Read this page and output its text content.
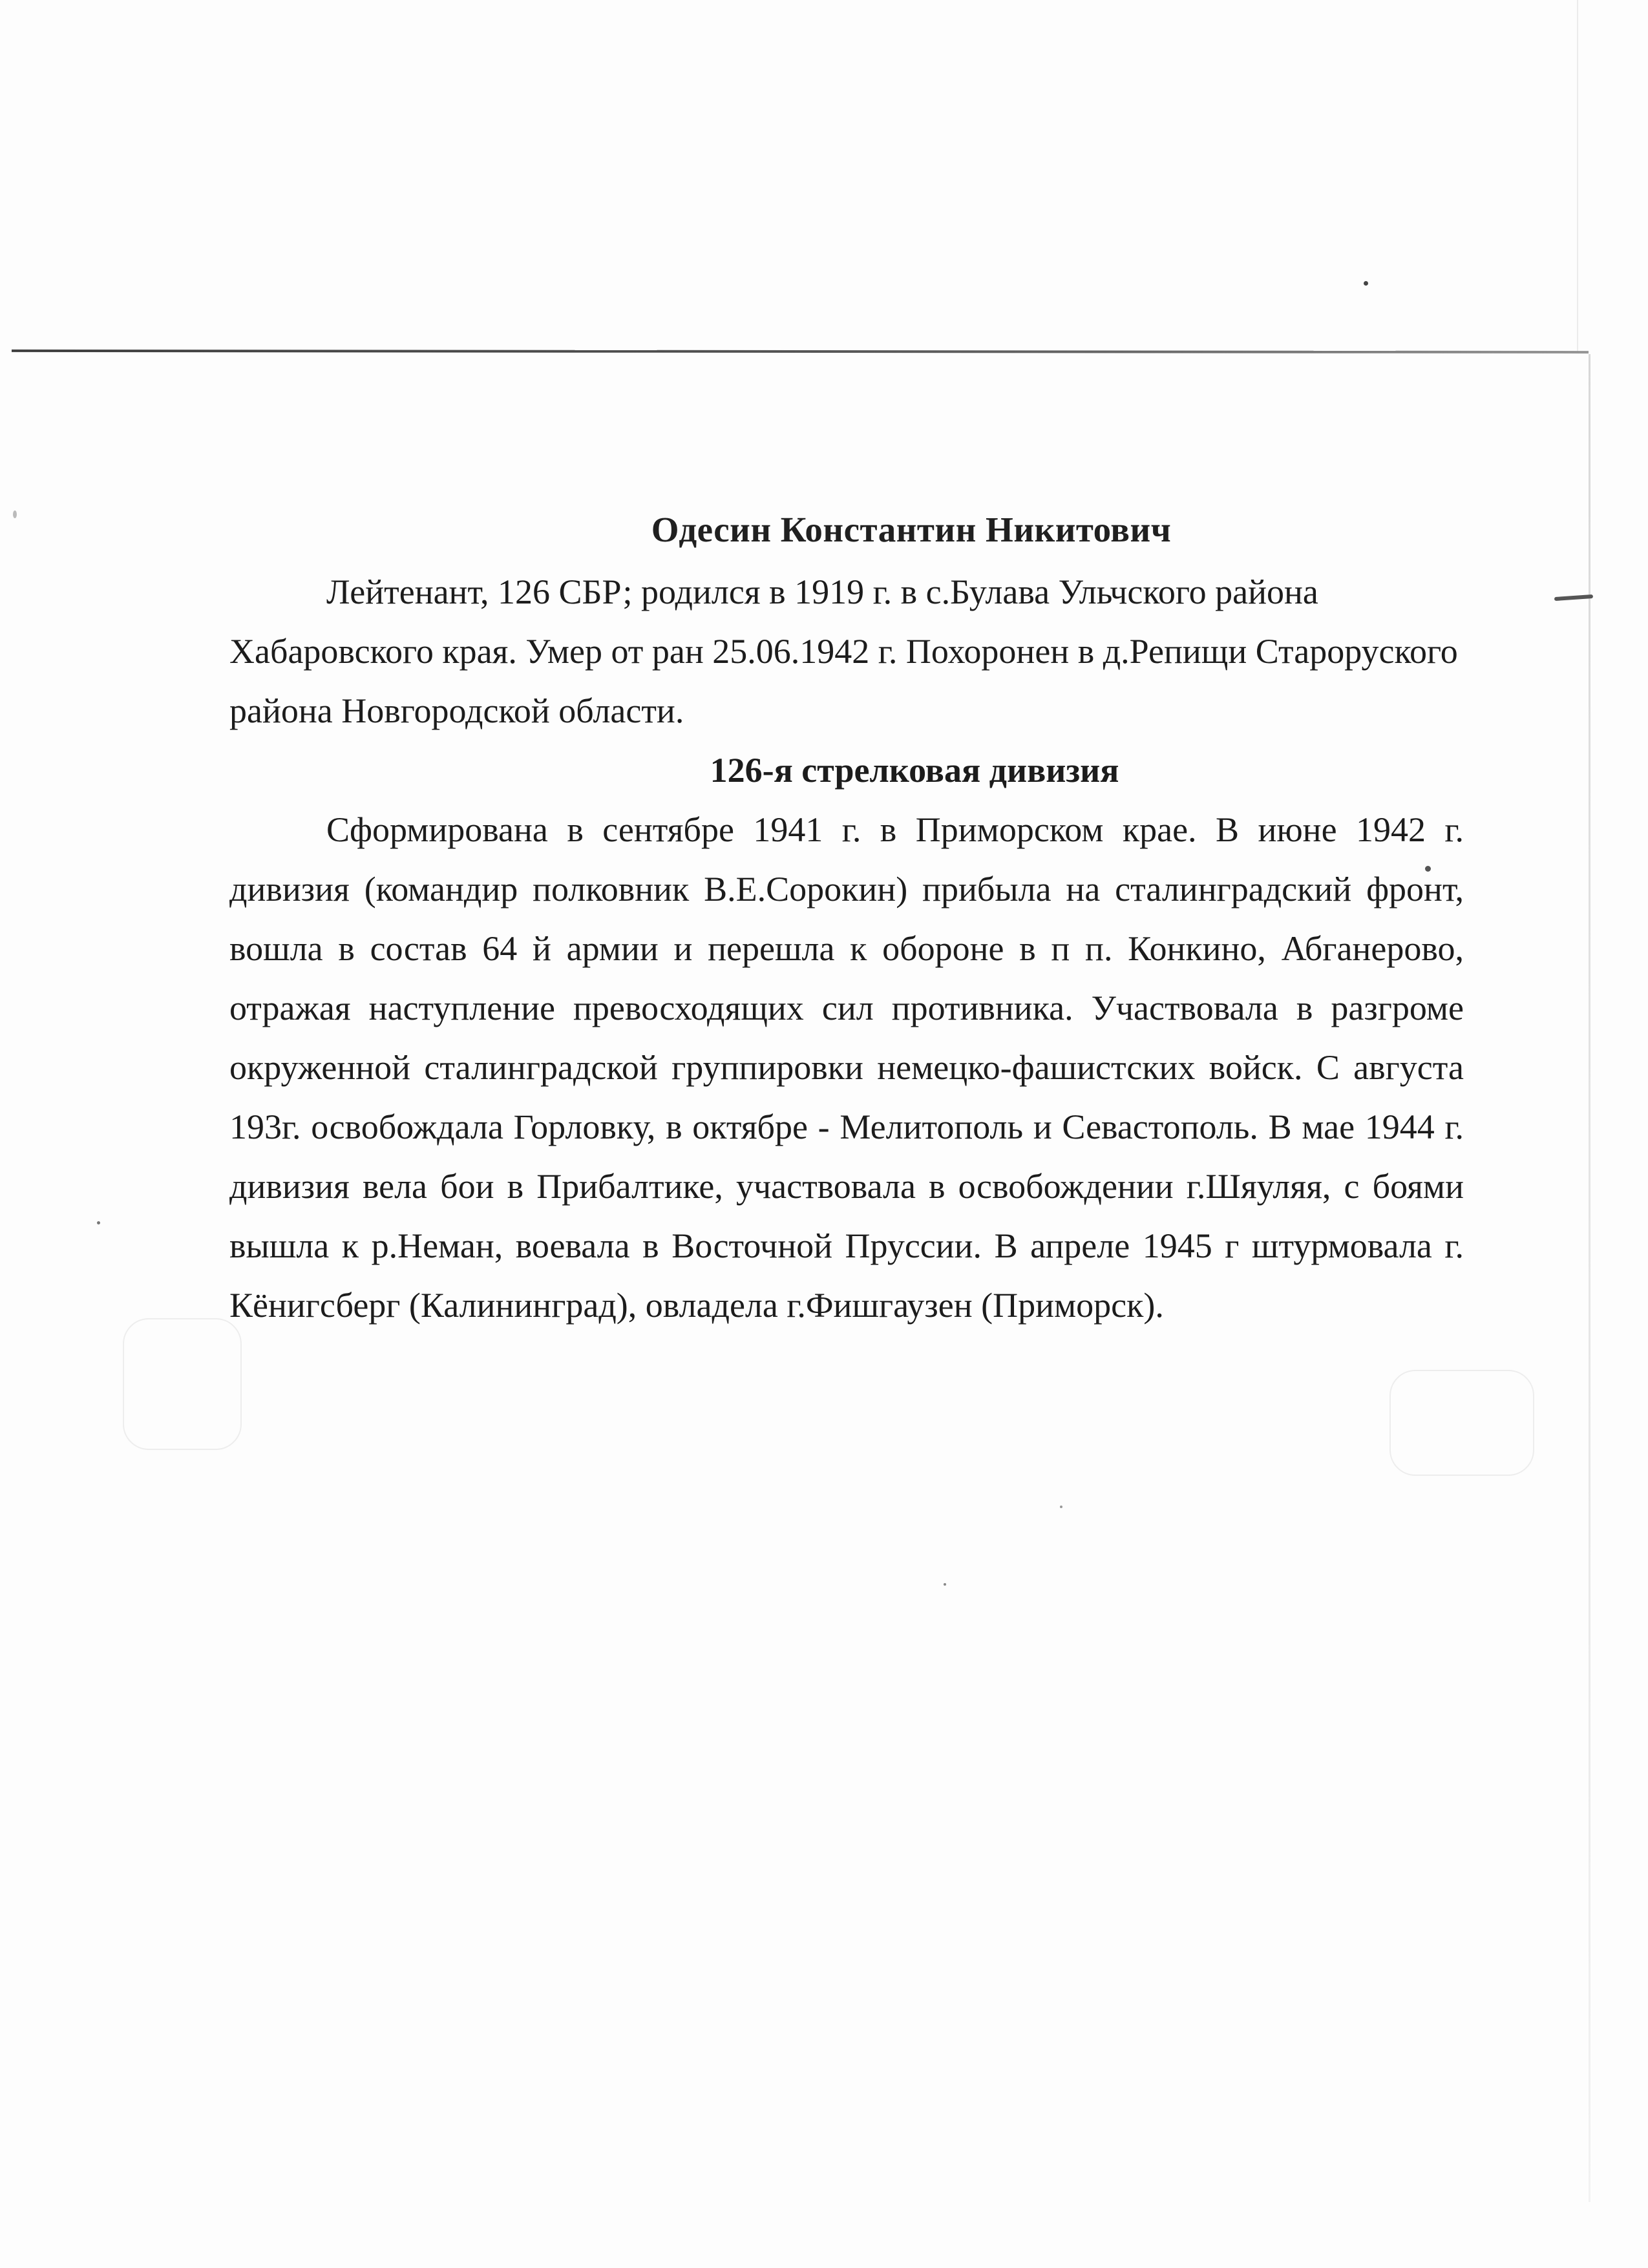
Одесин Константин Никитович

Лейтенант, 126 СБР; родился в 1919 г. в с.Булава Ульчского района Хабаровского края. Умер от ран 25.06.1942 г. Похоронен в д.Репищи Староруского района Новгородской области.

126-я стрелковая дивизия

Сформирована в сентябре 1941 г. в Приморском крае. В июне 1942 г. дивизия (командир полковник В.Е.Сорокин) прибыла на сталинградский фронт, вошла в состав 64 й армии и перешла к обороне в п п. Конкино, Абганерово, отражая наступление превосходящих сил противника. Участвовала в разгроме окруженной сталинградской группировки немецко-фашистских войск. С августа 193г. освобождала Горловку, в октябре - Мелитополь и Севастополь. В мае 1944 г. дивизия вела бои в Прибалтике, участвовала в освобождении г.Шяуляя, с боями вышла к р.Неман, воевала в Восточной Пруссии. В апреле 1945 г штурмовала г. Кёнигсберг (Калининград), овладела г.Фишгаузен (Приморск).
